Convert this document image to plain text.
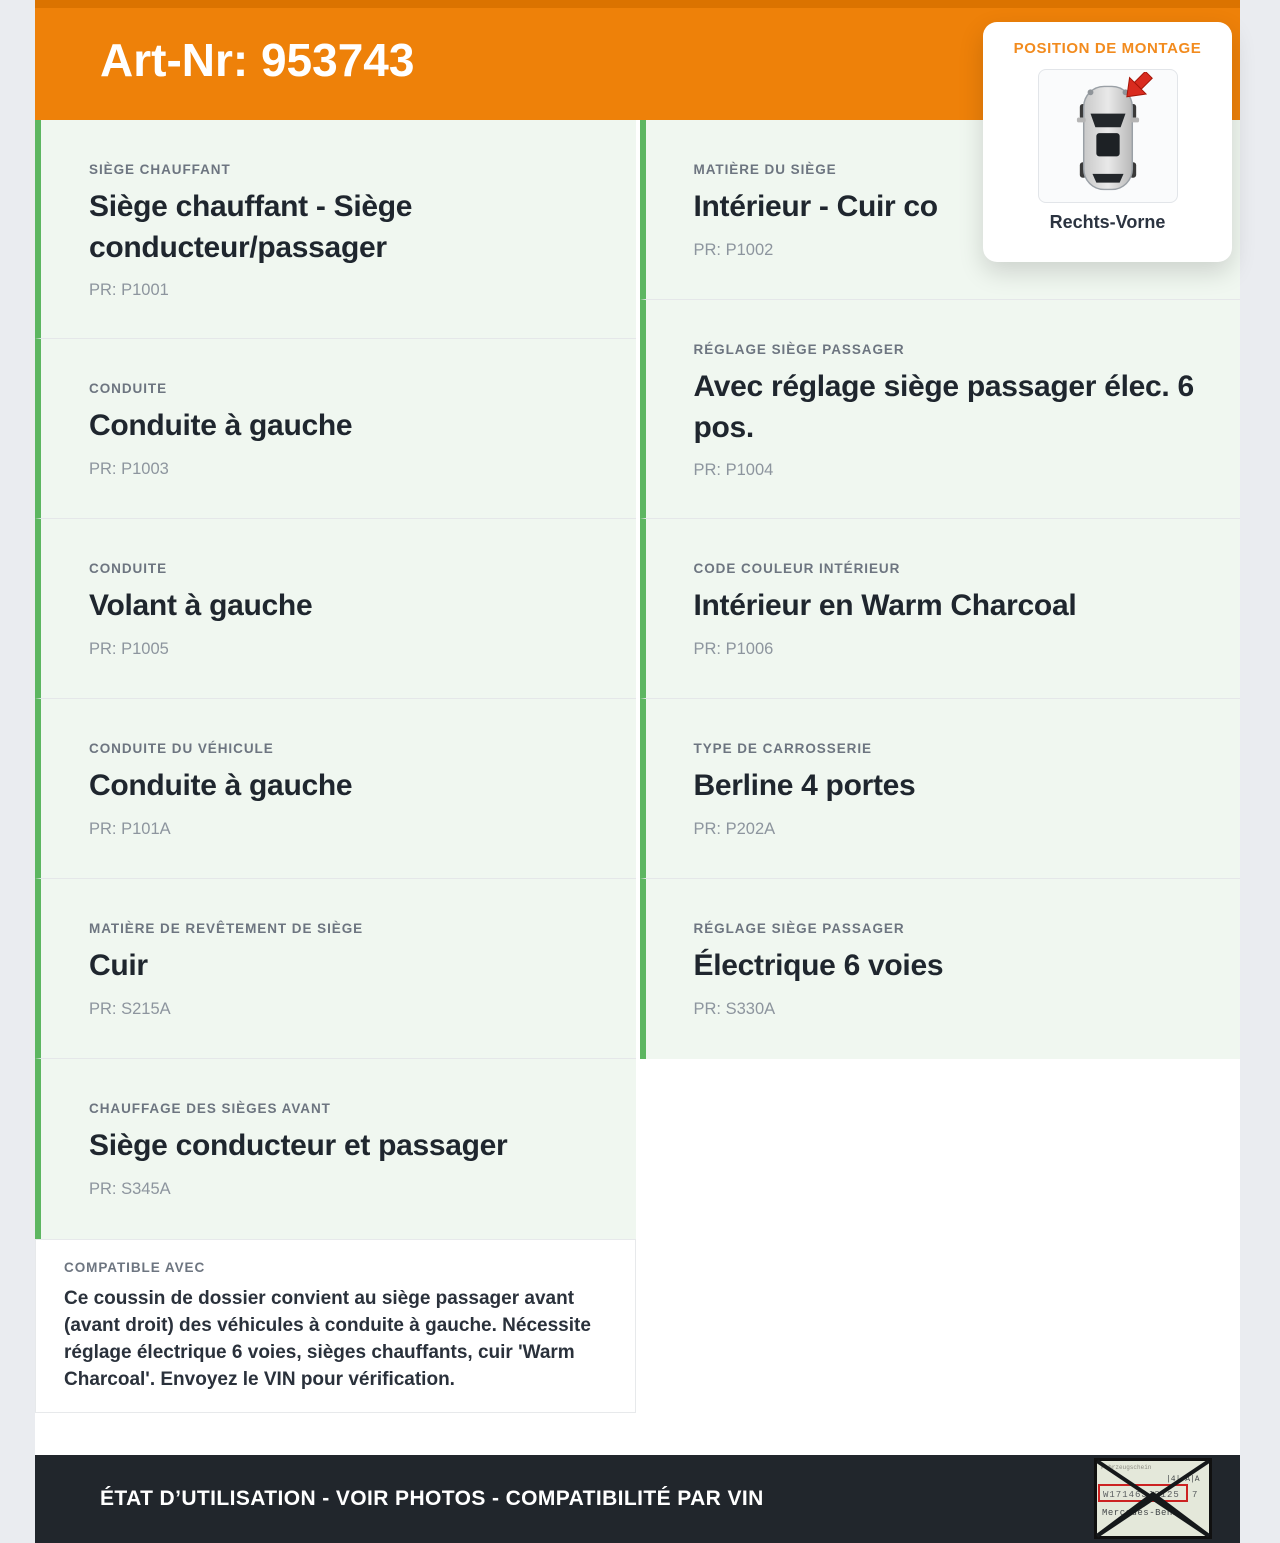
Art-Nr: 953743
SIÈGE CHAUFFANT
Siège chauffant - Siège conducteur/passager
PR: P1001
CONDUITE
Conduite à gauche
PR: P1003
CONDUITE
Volant à gauche
PR: P1005
CONDUITE DU VÉHICULE
Conduite à gauche
PR: P101A
MATIÈRE DE REVÊTEMENT DE SIÈGE
Cuir
PR: S215A
CHAUFFAGE DES SIÈGES AVANT
Siège conducteur et passager
PR: S345A
MATIÈRE DU SIÈGE
Intérieur - Cuir co
PR: P1002
RÉGLAGE SIÈGE PASSAGER
Avec réglage siège passager élec. 6 pos.
PR: P1004
CODE COULEUR INTÉRIEUR
Intérieur en Warm Charcoal
PR: P1006
TYPE DE CARROSSERIE
Berline 4 portes
PR: P202A
RÉGLAGE SIÈGE PASSAGER
Électrique 6 voies
PR: S330A
COMPATIBLE AVEC
Ce coussin de dossier convient au siège passager avant (avant droit) des véhicules à conduite à gauche. Nécessite réglage électrique 6 voies, sièges chauffants, cuir 'Warm Charcoal'. Envoyez le VIN pour vérification.
ÉTAT D’UTILISATION - VOIR PHOTOS - COMPATIBILITÉ PAR VIN
Fahrzeugschein
|4| A|A
W171463J3125 7
Mercedes-Benz
POSITION DE MONTAGE
Rechts-Vorne
